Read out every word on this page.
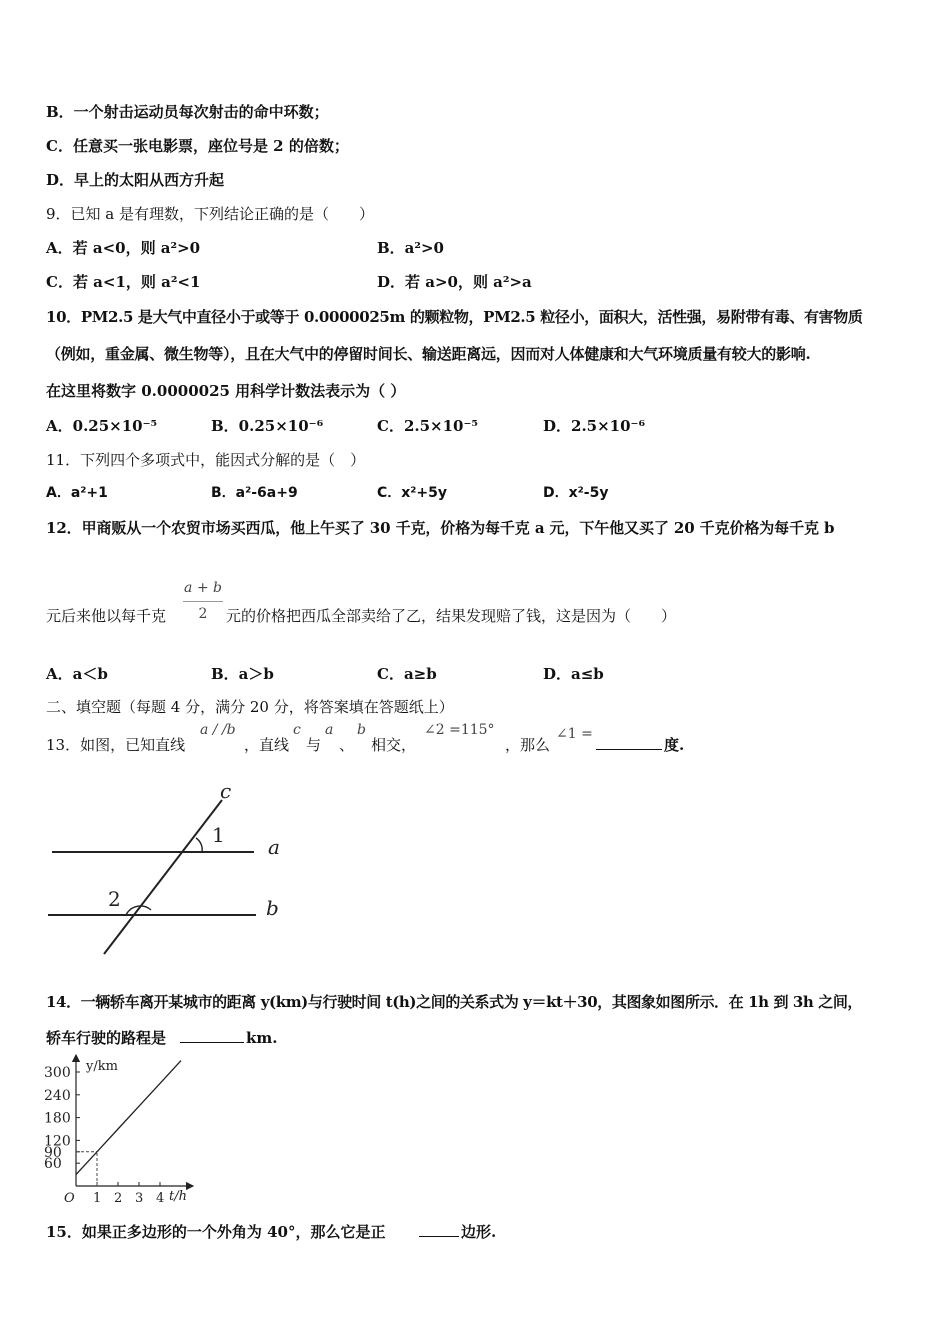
B．一个射击运动员每次射击的命中环数；
C．任意买一张电影票，座位号是 2 的倍数；
D．早上的太阳从西方升起
9．已知 a 是有理数，下列结论正确的是（　　）
A．若 a<0，则 a²>0	B．a²>0
C．若 a<1，则 a²<1	D．若 a>0，则 a²>a
10．PM2.5 是大气中直径小于或等于 0.0000025m 的颗粒物，PM2.5 粒径小，面积大，活性强，易附带有毒、有害物质
（例如，重金属、微生物等），且在大气中的停留时间长、输送距离远，因而对人体健康和大气环境质量有较大的影响.
在这里将数字 0.0000025 用科学计数法表示为（ ）
A．0.25×10⁻⁵	B．0.25×10⁻⁶	C．2.5×10⁻⁵	D．2.5×10⁻⁶
11．下列四个多项式中，能因式分解的是（　）
A．a²+1	B．a²-6a+9	C．x²+5y	D．x²-5y
12．甲商贩从一个农贸市场买西瓜，他上午买了 30 千克，价格为每千克 a 元，下午他又买了 20 千克价格为每千克 b
元后来他以每千克
a + b
2	元的价格把西瓜全部卖给了乙，结果发现赔了钱，这是因为（　　）
A．a＜b	B．a＞b	C．a≥b	D．a≤b
二、填空题（每题 4 分，满分 20 分，将答案填在答题纸上）
13．如图，已知直线
a / /b
，直线
c
与
a
、
b
相交，
∠2 =115°
，那么
∠1 =
度.
c
1 a
2	b
14．一辆轿车离开某城市的距离 y(km)与行驶时间 t(h)之间的关系式为 y＝kt＋30，其图象如图所示．在 1h 到 3h 之间，
轿车行驶的路程是	km.
y/km
t/h
O 1 2 3 4
60
90
120
180
240
300
15．如果正多边形的一个外角为 40°，那么它是正	边形.
